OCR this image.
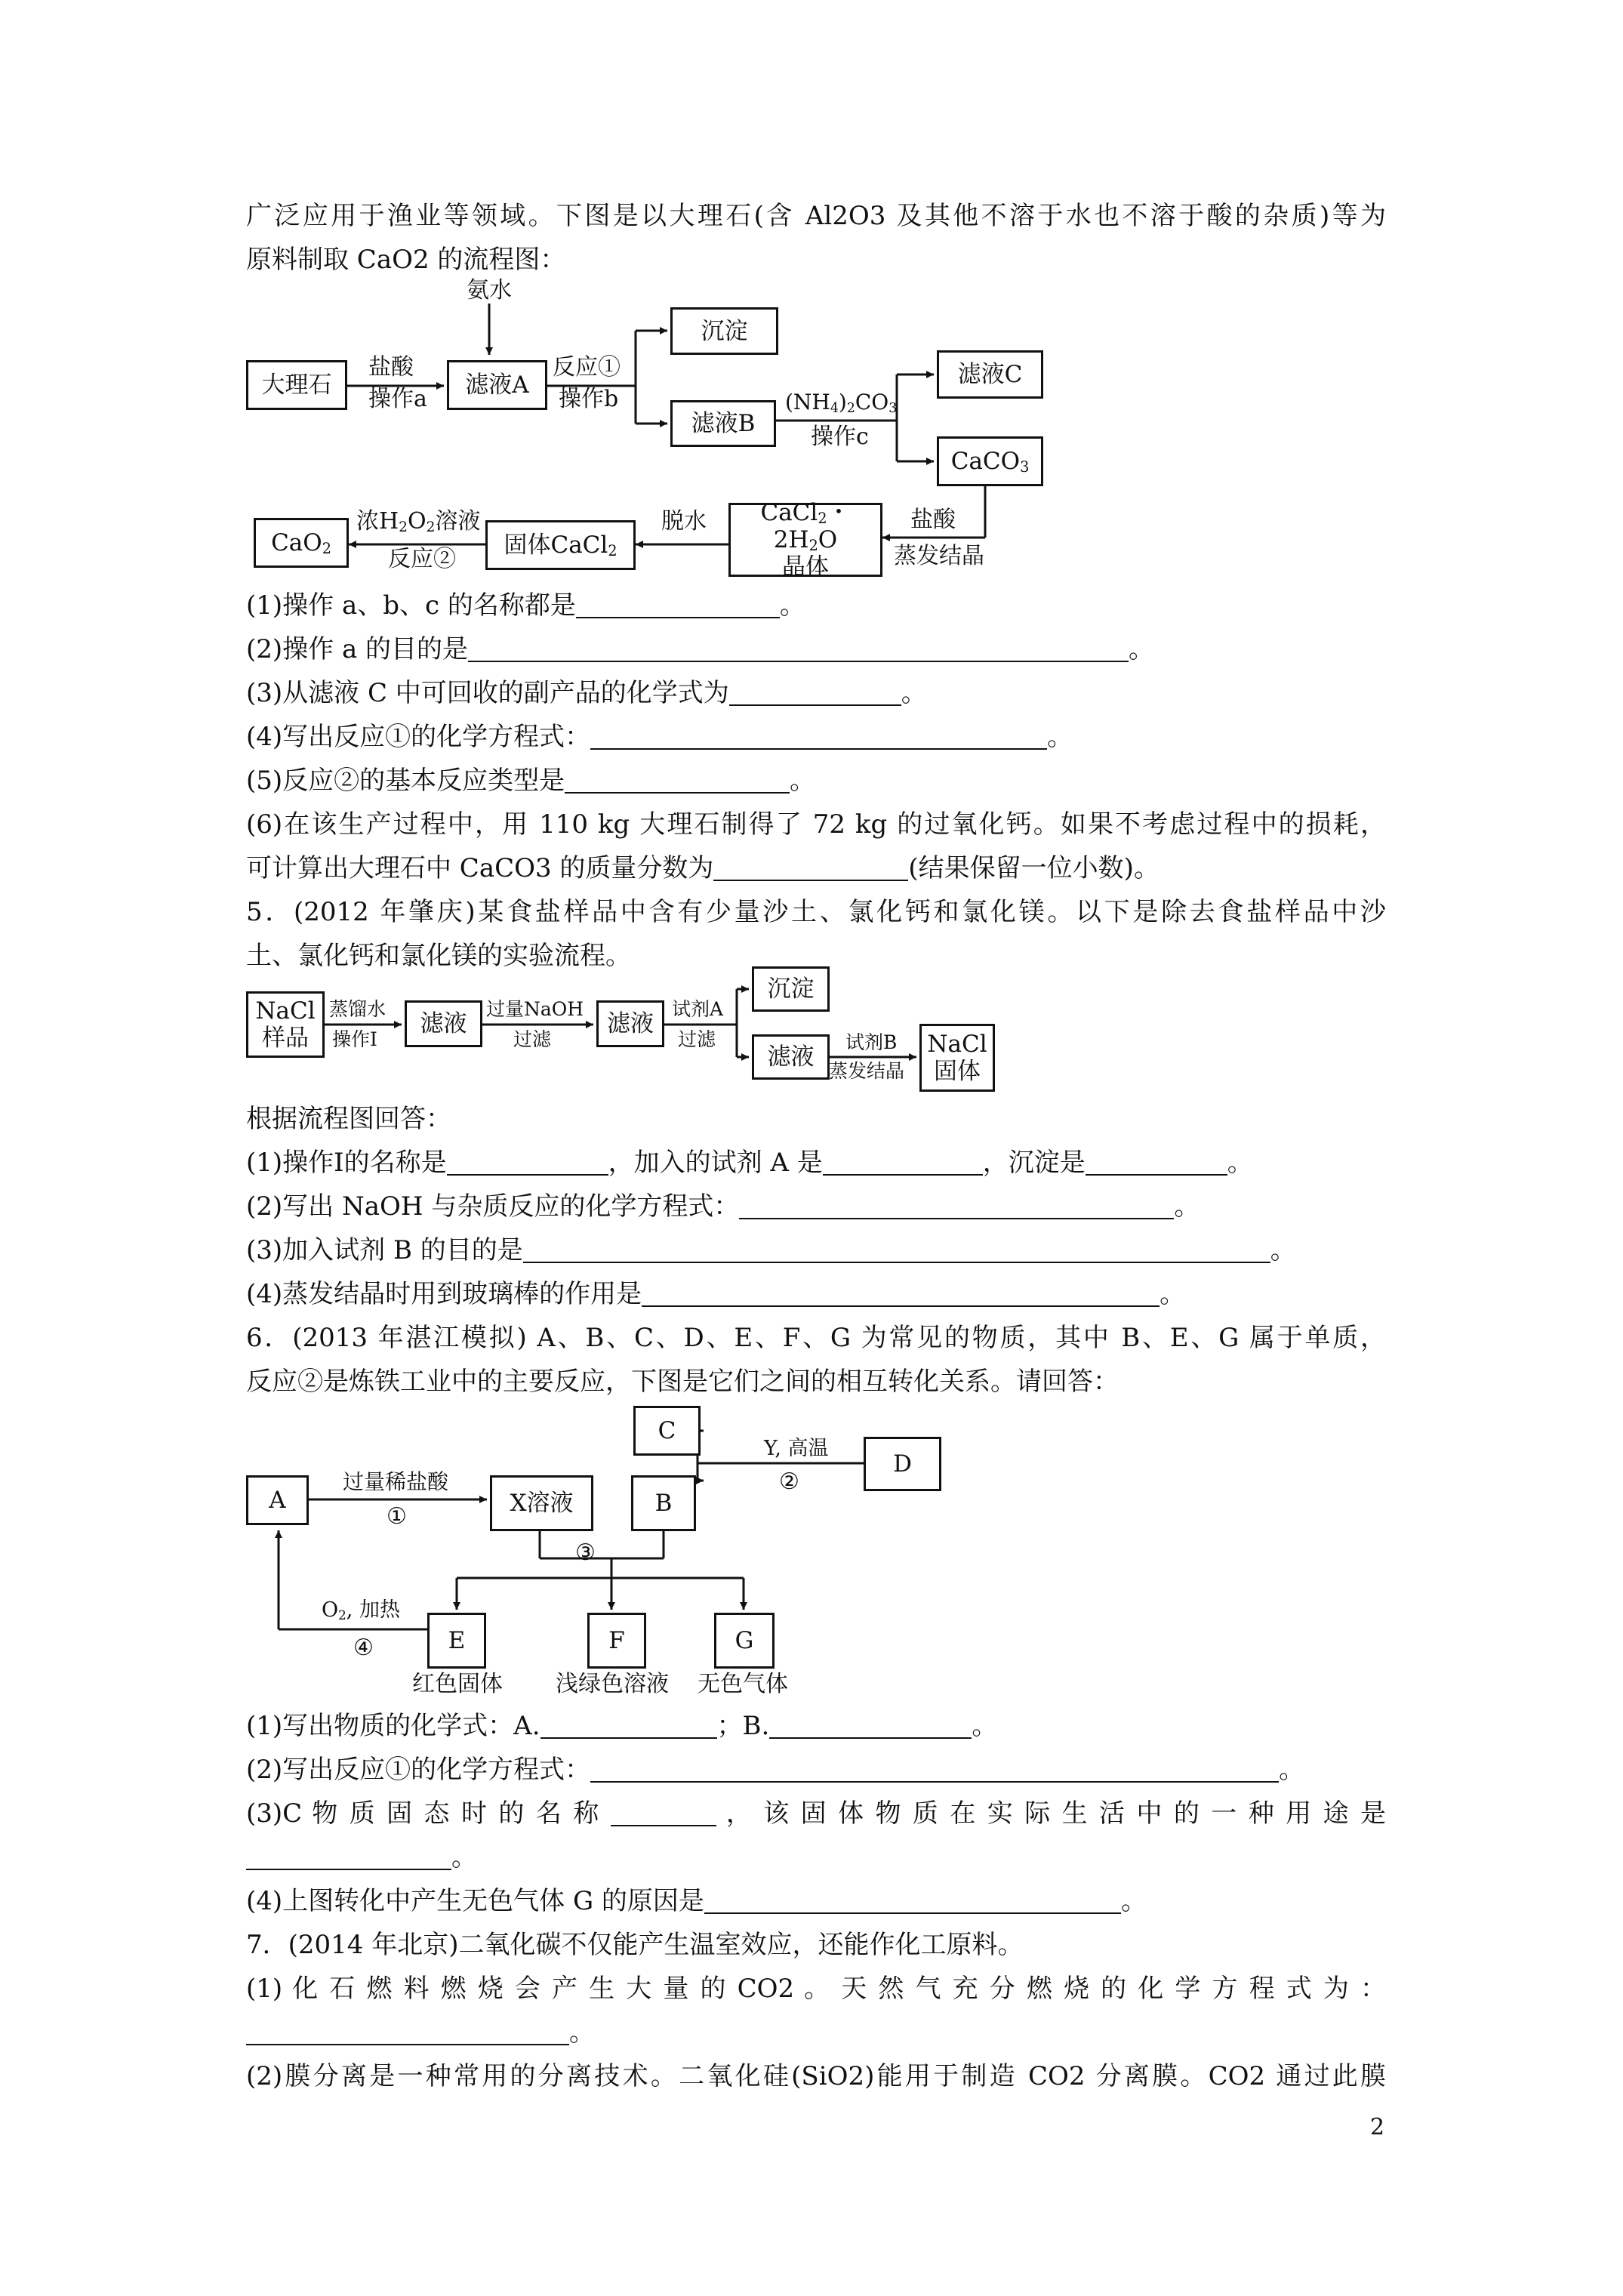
广泛应用于渔业等领域。下图是以大理石(含 Al2O3 及其他不溶于水也不溶于酸的杂质)等为
原料制取 CaO2 的流程图：
氨水
大理石
盐酸
操作a
滤液A
反应①
操作b
沉淀
滤液B
$(NH_4)_2CO_3$
操作c
滤液C
CaCO$_3$
盐酸
蒸发结晶
CaCl$_2$・$2H_2O$
晶体
脱水
固体CaCl$_2$
浓$H_2O_2$溶液
反应②
CaO$_2$
(1)操作 a、b、c 的名称都是	。
(2)操作 a 的目的是	。
(3)从滤液 C 中可回收的副产品的化学式为	。
(4)写出反应①的化学方程式：	。
(5)反应②的基本反应类型是	。
(6)在该生产过程中，用 110 kg 大理石制得了 72 kg 的过氧化钙。如果不考虑过程中的损耗，
可计算出大理石中 CaCO3 的质量分数为	(结果保留一位小数)。
5．(2012 年肇庆)某食盐样品中含有少量沙土、氯化钙和氯化镁。以下是除去食盐样品中沙
土、氯化钙和氯化镁的实验流程。
NaCl
样品
蒸馏水
操作Ⅰ
滤液
过量NaOH
过滤
滤液
试剂A
过滤
沉淀
滤液
试剂B
蒸发结晶
NaCl
固体
根据流程图回答：
(1)操作Ⅰ的名称是	，加入的试剂 A 是	，沉淀是	。
(2)写出 NaOH 与杂质反应的化学方程式：	。
(3)加入试剂 B 的目的是	。
(4)蒸发结晶时用到玻璃棒的作用是	。
6．(2013 年湛江模拟) A、B、C、D、E、F、G 为常见的物质，其中 B、E、G 属于单质，
反应②是炼铁工业中的主要反应，下图是它们之间的相互转化关系。请回答：
C
Y, 高温
②
D
A
过量稀盐酸
①	X溶液	B
③
$O_2$, 加热
④	E	F	G
红色固体 浅绿色溶液 无色气体
(1)写出物质的化学式：A.	；B.	。
(2)写出反应①的化学方程式：	。
(3)C 物 质 固 态 时 的 名 称	， 该 固 体 物 质 在 实 际 生 活 中 的 一 种 用 途 是
。
(4)上图转化中产生无色气体 G 的原因是	。
7．(2014 年北京)二氧化碳不仅能产生温室效应，还能作化工原料。
(1) 化 石 燃 料 燃 烧 会 产 生 大 量 的 CO2 。 天 然 气 充 分 燃 烧 的 化 学 方 程 式 为 ：
。
(2)膜分离是一种常用的分离技术。二氧化硅(SiO2)能用于制造 CO2 分离膜。CO2 通过此膜
2
